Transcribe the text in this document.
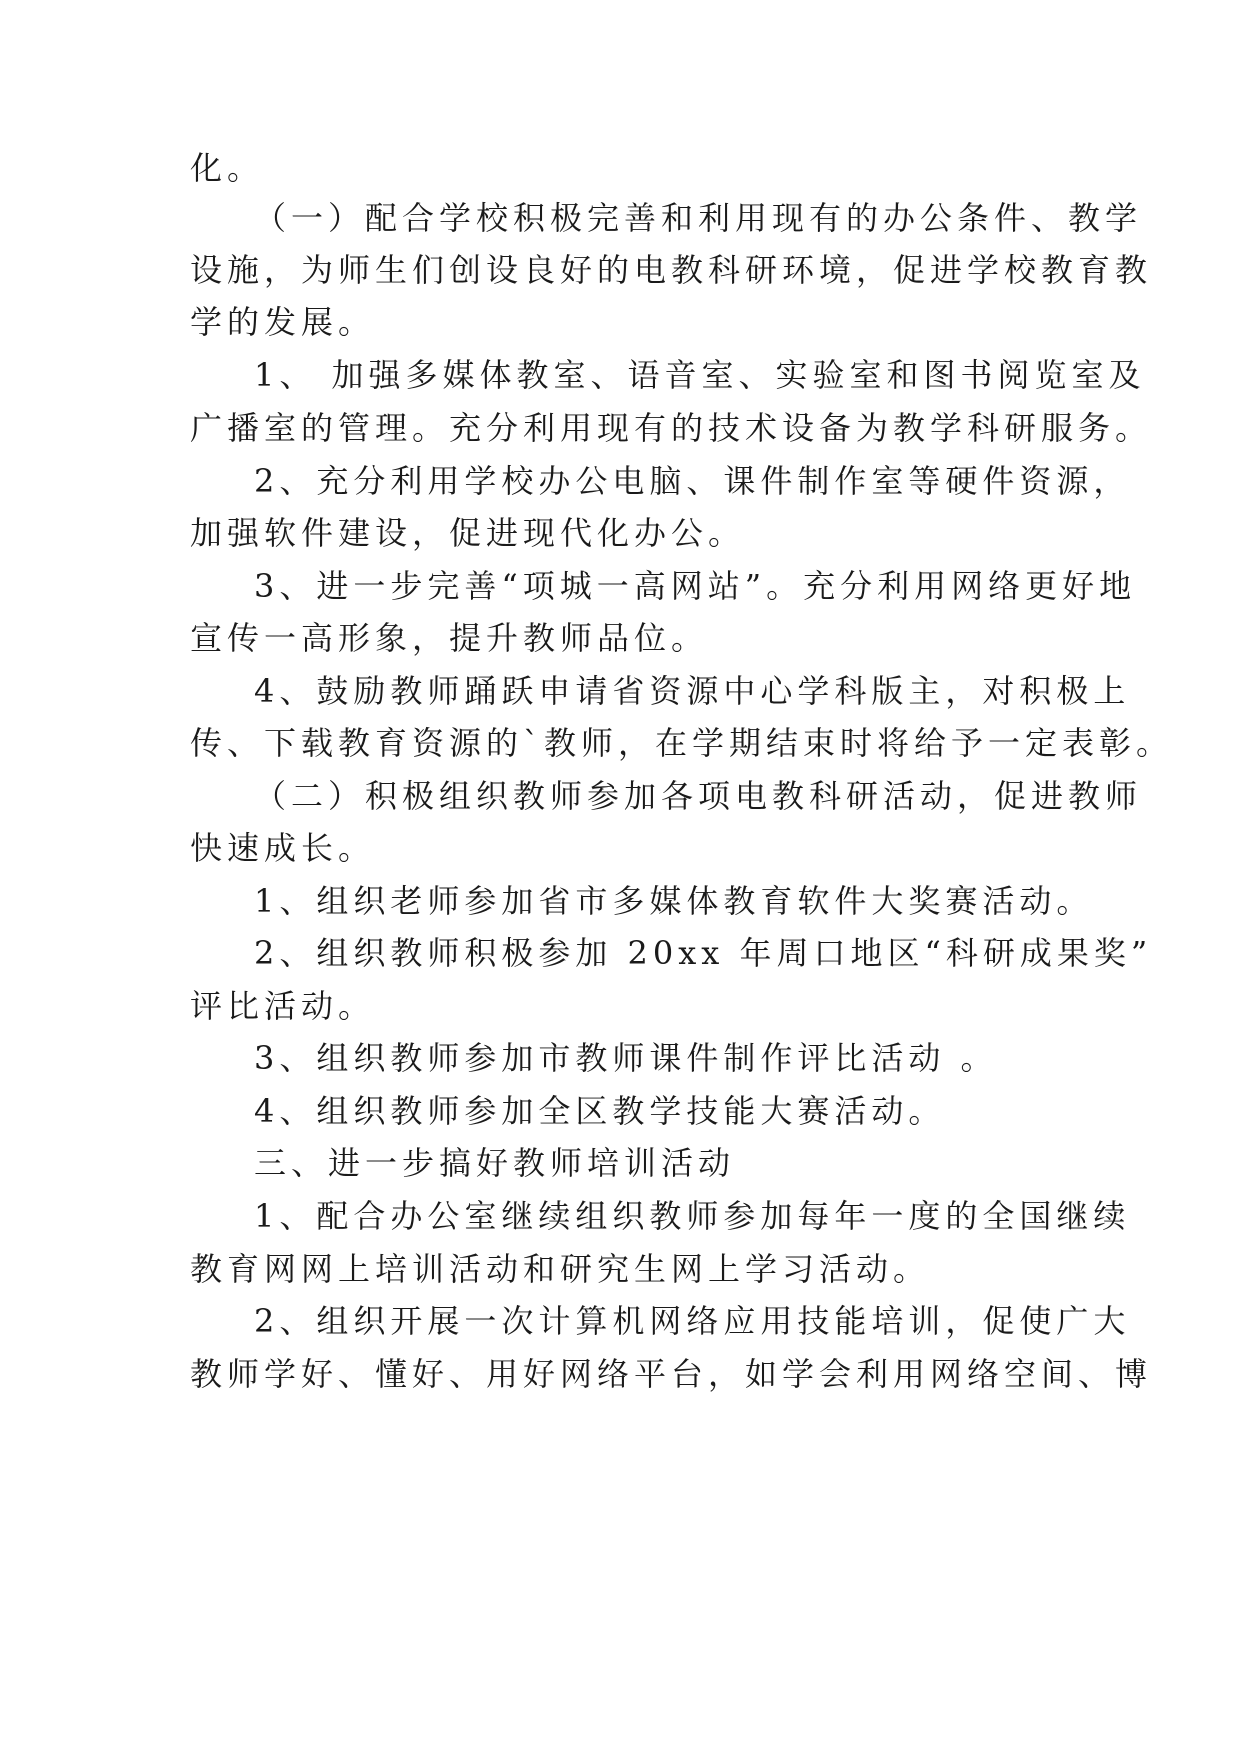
化。
（一）配合学校积极完善和利用现有的办公条件、教学
设施，为师生们创设良好的电教科研环境，促进学校教育教
学的发展。
1、 加强多媒体教室、语音室、实验室和图书阅览室及
广播室的管理。充分利用现有的技术设备为教学科研服务。
2、充分利用学校办公电脑、课件制作室等硬件资源，
加强软件建设，促进现代化办公。
3、进一步完善“项城一高网站”。充分利用网络更好地
宣传一高形象，提升教师品位。
4、鼓励教师踊跃申请省资源中心学科版主，对积极上
传、下载教育资源的`教师，在学期结束时将给予一定表彰。
（二）积极组织教师参加各项电教科研活动，促进教师
快速成长。
1、组织老师参加省市多媒体教育软件大奖赛活动。
2、组织教师积极参加 20xx 年周口地区“科研成果奖”
评比活动。
3、组织教师参加市教师课件制作评比活动 。
4、组织教师参加全区教学技能大赛活动。
三、进一步搞好教师培训活动
1、配合办公室继续组织教师参加每年一度的全国继续
教育网网上培训活动和研究生网上学习活动。
2、组织开展一次计算机网络应用技能培训，促使广大
教师学好、懂好、用好网络平台，如学会利用网络空间、博
